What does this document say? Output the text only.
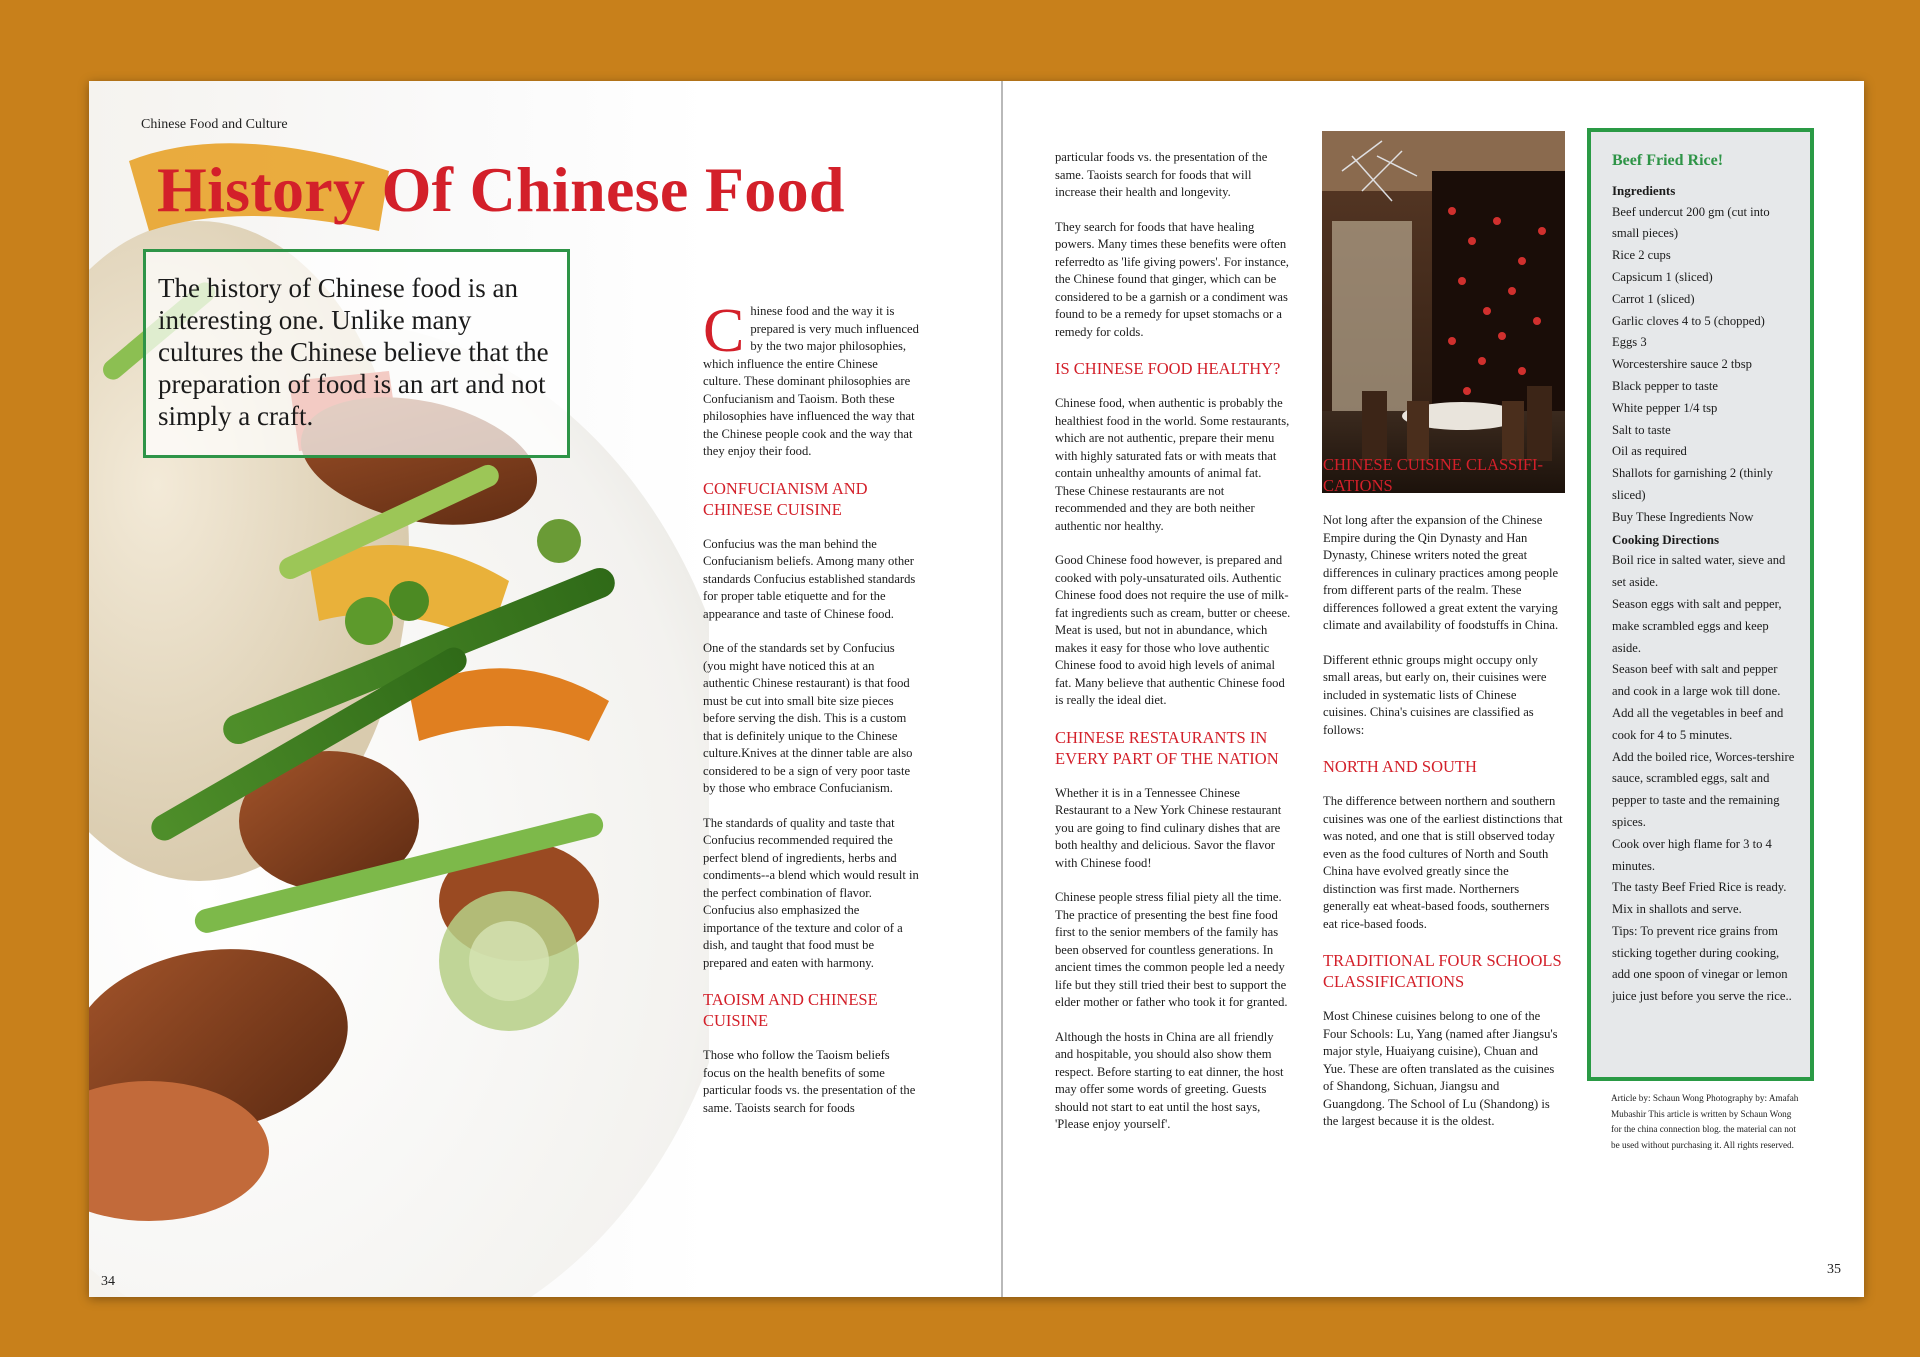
Chinese Food and Culture
History Of Chinese Food
The history of Chinese food is an interesting one. Unlike many cultures the Chinese believe that the preparation of food is an art and not simply a craft.

Chinese food and the way it is prepared is very much influenced by the two major philosophies, which influence the entire Chinese culture. These dominant philosophies are Confucianism and Taoism. Both these philosophies have influenced the way that the Chinese people cook and the way that they enjoy their food.

CONFUCIANISM AND CHINESE CUISINE

Confucius was the man behind the Confucianism beliefs. Among many other standards Confucius established standards for proper table etiquette and for the appearance and taste of Chinese food.

One of the standards set by Confucius (you might have noticed this at an authentic Chinese restaurant) is that food must be cut into small bite size pieces before serving the dish. This is a custom that is definitely unique to the Chinese culture.Knives at the dinner table are also considered to be a sign of very poor taste by those who embrace Confucianism.

The standards of quality and taste that Confucius recommended required the perfect blend of ingredients, herbs and condiments--a blend which would result in the perfect combination of flavor. Confucius also emphasized the importance of the texture and color of a dish, and taught that food must be prepared and eaten with harmony.

TAOISM AND CHINESE CUISINE

Those who follow the Taoism beliefs focus on the health benefits of some particular foods vs. the presentation of the same. Taoists search for foods

particular foods vs. the presentation of the same. Taoists search for foods that will increase their health and longevity.

They search for foods that have healing powers. Many times these benefits were often referredto as 'life giving powers'. For instance, the Chinese found that ginger, which can be considered to be a garnish or a condiment was found to be a remedy for upset stomachs or a remedy for colds.

IS CHINESE FOOD HEALTHY?

Chinese food, when authentic is probably the healthiest food in the world. Some restaurants, which are not authentic, prepare their menu with highly saturated fats or with meats that contain unhealthy amounts of animal fat. These Chinese restaurants are not recommended and they are both neither authentic nor healthy.

Good Chinese food however, is prepared and cooked with poly-unsaturated oils. Authentic Chinese food does not require the use of milk-fat ingredients such as cream, butter or cheese. Meat is used, but not in abundance, which makes it easy for those who love authentic Chinese food to avoid high levels of animal fat. Many believe that authentic Chinese food is really the ideal diet.

CHINESE RESTAURANTS IN EVERY PART OF THE NATION

Whether it is in a Tennessee Chinese Restaurant to a New York Chinese restaurant you are going to find culinary dishes that are both healthy and delicious. Savor the flavor with Chinese food!

Chinese people stress filial piety all the time. The practice of presenting the best fine food first to the senior members of the family has been observed for countless generations. In ancient times the common people led a needy life but they still tried their best to support the elder mother or father who took it for granted.

Although the hosts in China are all friendly and hospitable, you should also show them respect. Before starting to eat dinner, the host may offer some words of greeting. Guests should not start to eat until the host says, 'Please enjoy yourself'.

CHINESE CUISINE CLASSIFI-CATIONS

Not long after the expansion of the Chinese Empire during the Qin Dynasty and Han Dynasty, Chinese writers noted the great differences in culinary practices among people from different parts of the realm. These differences followed a great extent the varying climate and availability of foodstuffs in China.

Different ethnic groups might occupy only small areas, but early on, their cuisines were included in systematic lists of Chinese cuisines. China's cuisines are classified as follows:

NORTH AND SOUTH

The difference between northern and southern cuisines was one of the earliest distinctions that was noted, and one that is still observed today even as the food cultures of North and South China have evolved greatly since the distinction was first made. Northerners generally eat wheat-based foods, southerners eat rice-based foods.

TRADITIONAL FOUR SCHOOLS CLASSIFICATIONS

Most Chinese cuisines belong to one of the Four Schools: Lu, Yang (named after Jiangsu's major style, Huaiyang cuisine), Chuan and Yue. These are often translated as the cuisines of Shandong, Sichuan, Jiangsu and Guangdong. The School of Lu (Shandong) is the largest because it is the oldest.

Beef Fried Rice!
Ingredients
Beef undercut 200 gm (cut into small pieces)
Rice 2 cups
Capsicum 1 (sliced)
Carrot 1 (sliced)
Garlic cloves 4 to 5 (chopped)
Eggs 3
Worcestershire sauce 2 tbsp
Black pepper to taste
White pepper 1/4 tsp
Salt to taste
Oil as required
Shallots for garnishing 2 (thinly sliced)
Buy These Ingredients Now
Cooking Directions
Boil rice in salted water, sieve and set aside.
Season eggs with salt and pepper, make scrambled eggs and keep aside.
Season beef with salt and pepper and cook in a large wok till done.
Add all the vegetables in beef and cook for 4 to 5 minutes.
Add the boiled rice, Worces-tershire sauce, scrambled eggs, salt and pepper to taste and the remaining spices.
Cook over high flame for 3 to 4 minutes.
The tasty Beef Fried Rice is ready.
Mix in shallots and serve.
Tips: To prevent rice grains from sticking together during cooking, add one spoon of vinegar or lemon juice just before you serve the rice..
Article by: Schaun Wong Photography by: Amafah Mubashir This article is written by Schaun Wong for the china connection blog. the material can not be used without purchasing it. All rights reserved.
34
35
